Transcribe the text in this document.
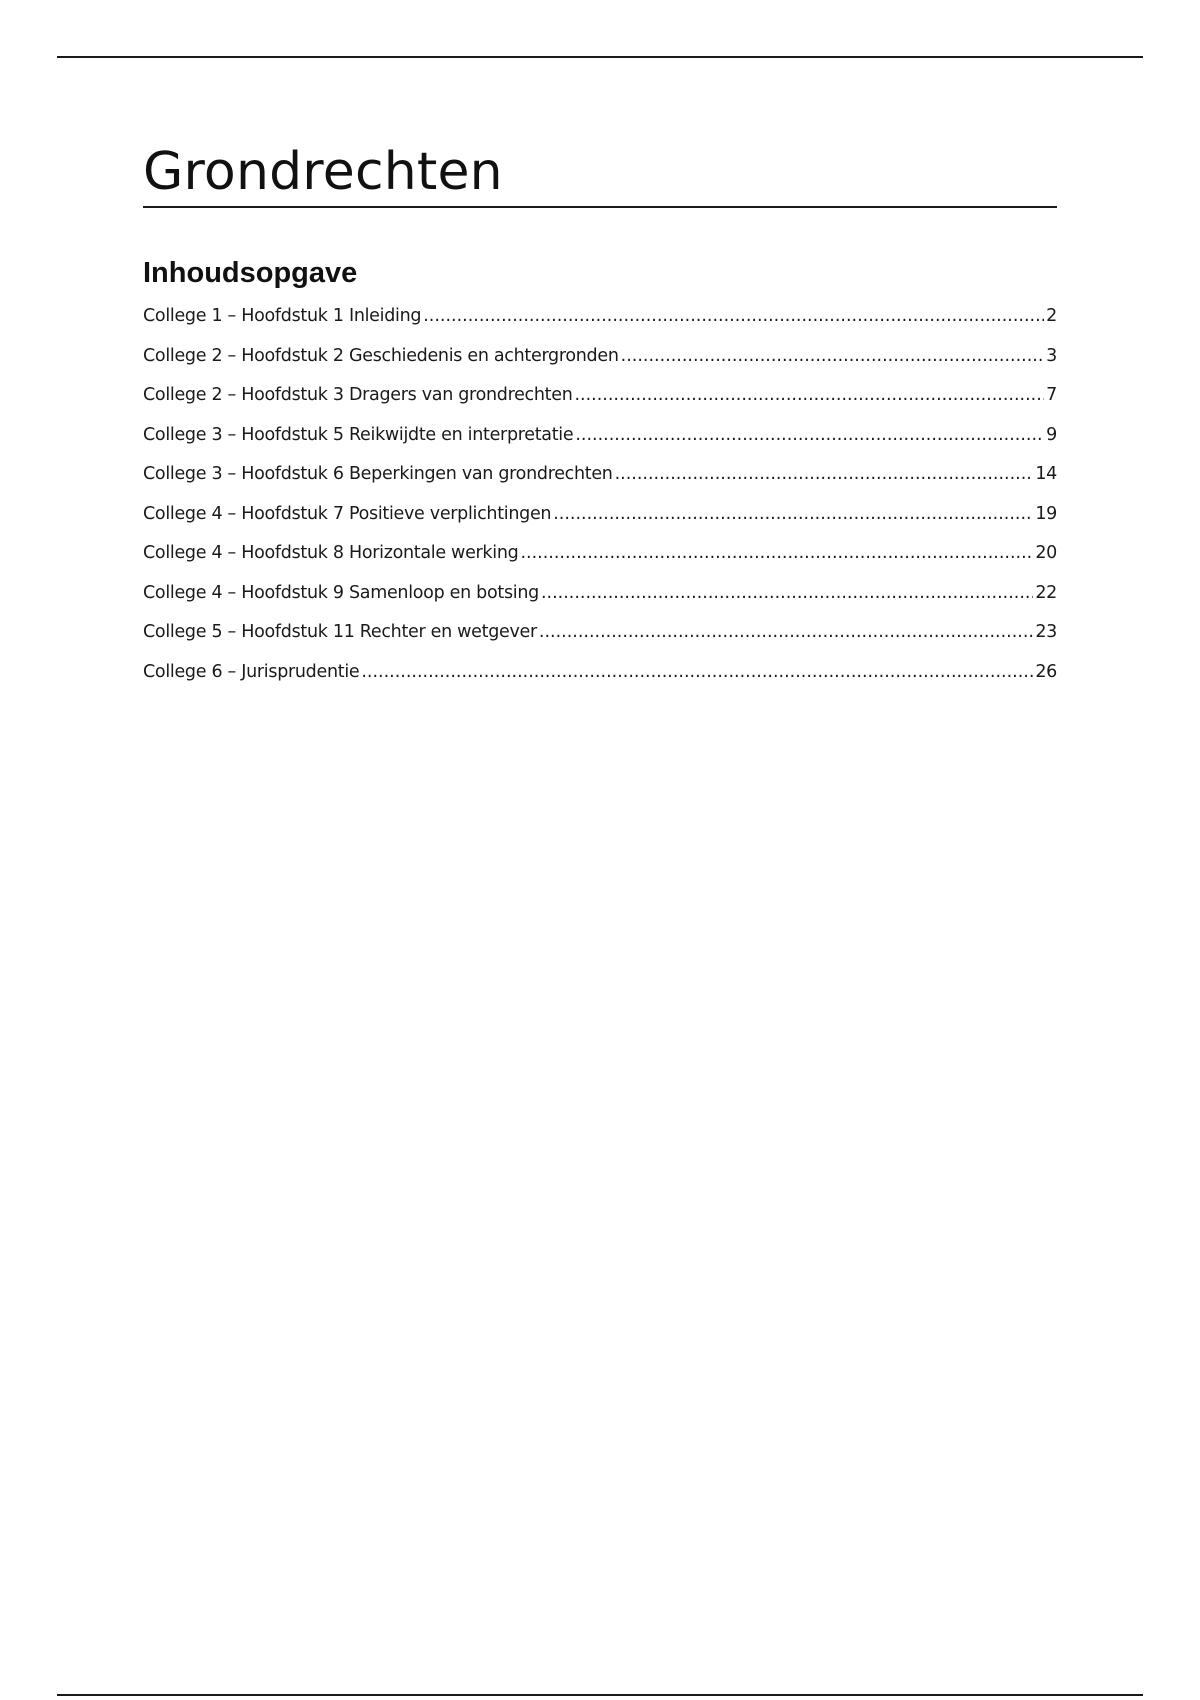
Grondrechten
Inhoudsopgave
College 1 – Hoofdstuk 1 Inleiding .....	2
College 2 – Hoofdstuk 2 Geschiedenis en achtergronden .....	3
College 2 – Hoofdstuk 3 Dragers van grondrechten .....	7
College 3 – Hoofdstuk 5 Reikwijdte en interpretatie .....	9
College 3 – Hoofdstuk 6 Beperkingen van grondrechten .....	14
College 4 – Hoofdstuk 7 Positieve verplichtingen .....	19
College 4 – Hoofdstuk 8 Horizontale werking .....	20
College 4 – Hoofdstuk 9 Samenloop en botsing .....	22
College 5 – Hoofdstuk 11 Rechter en wetgever .....	23
College 6 – Jurisprudentie .....	26
